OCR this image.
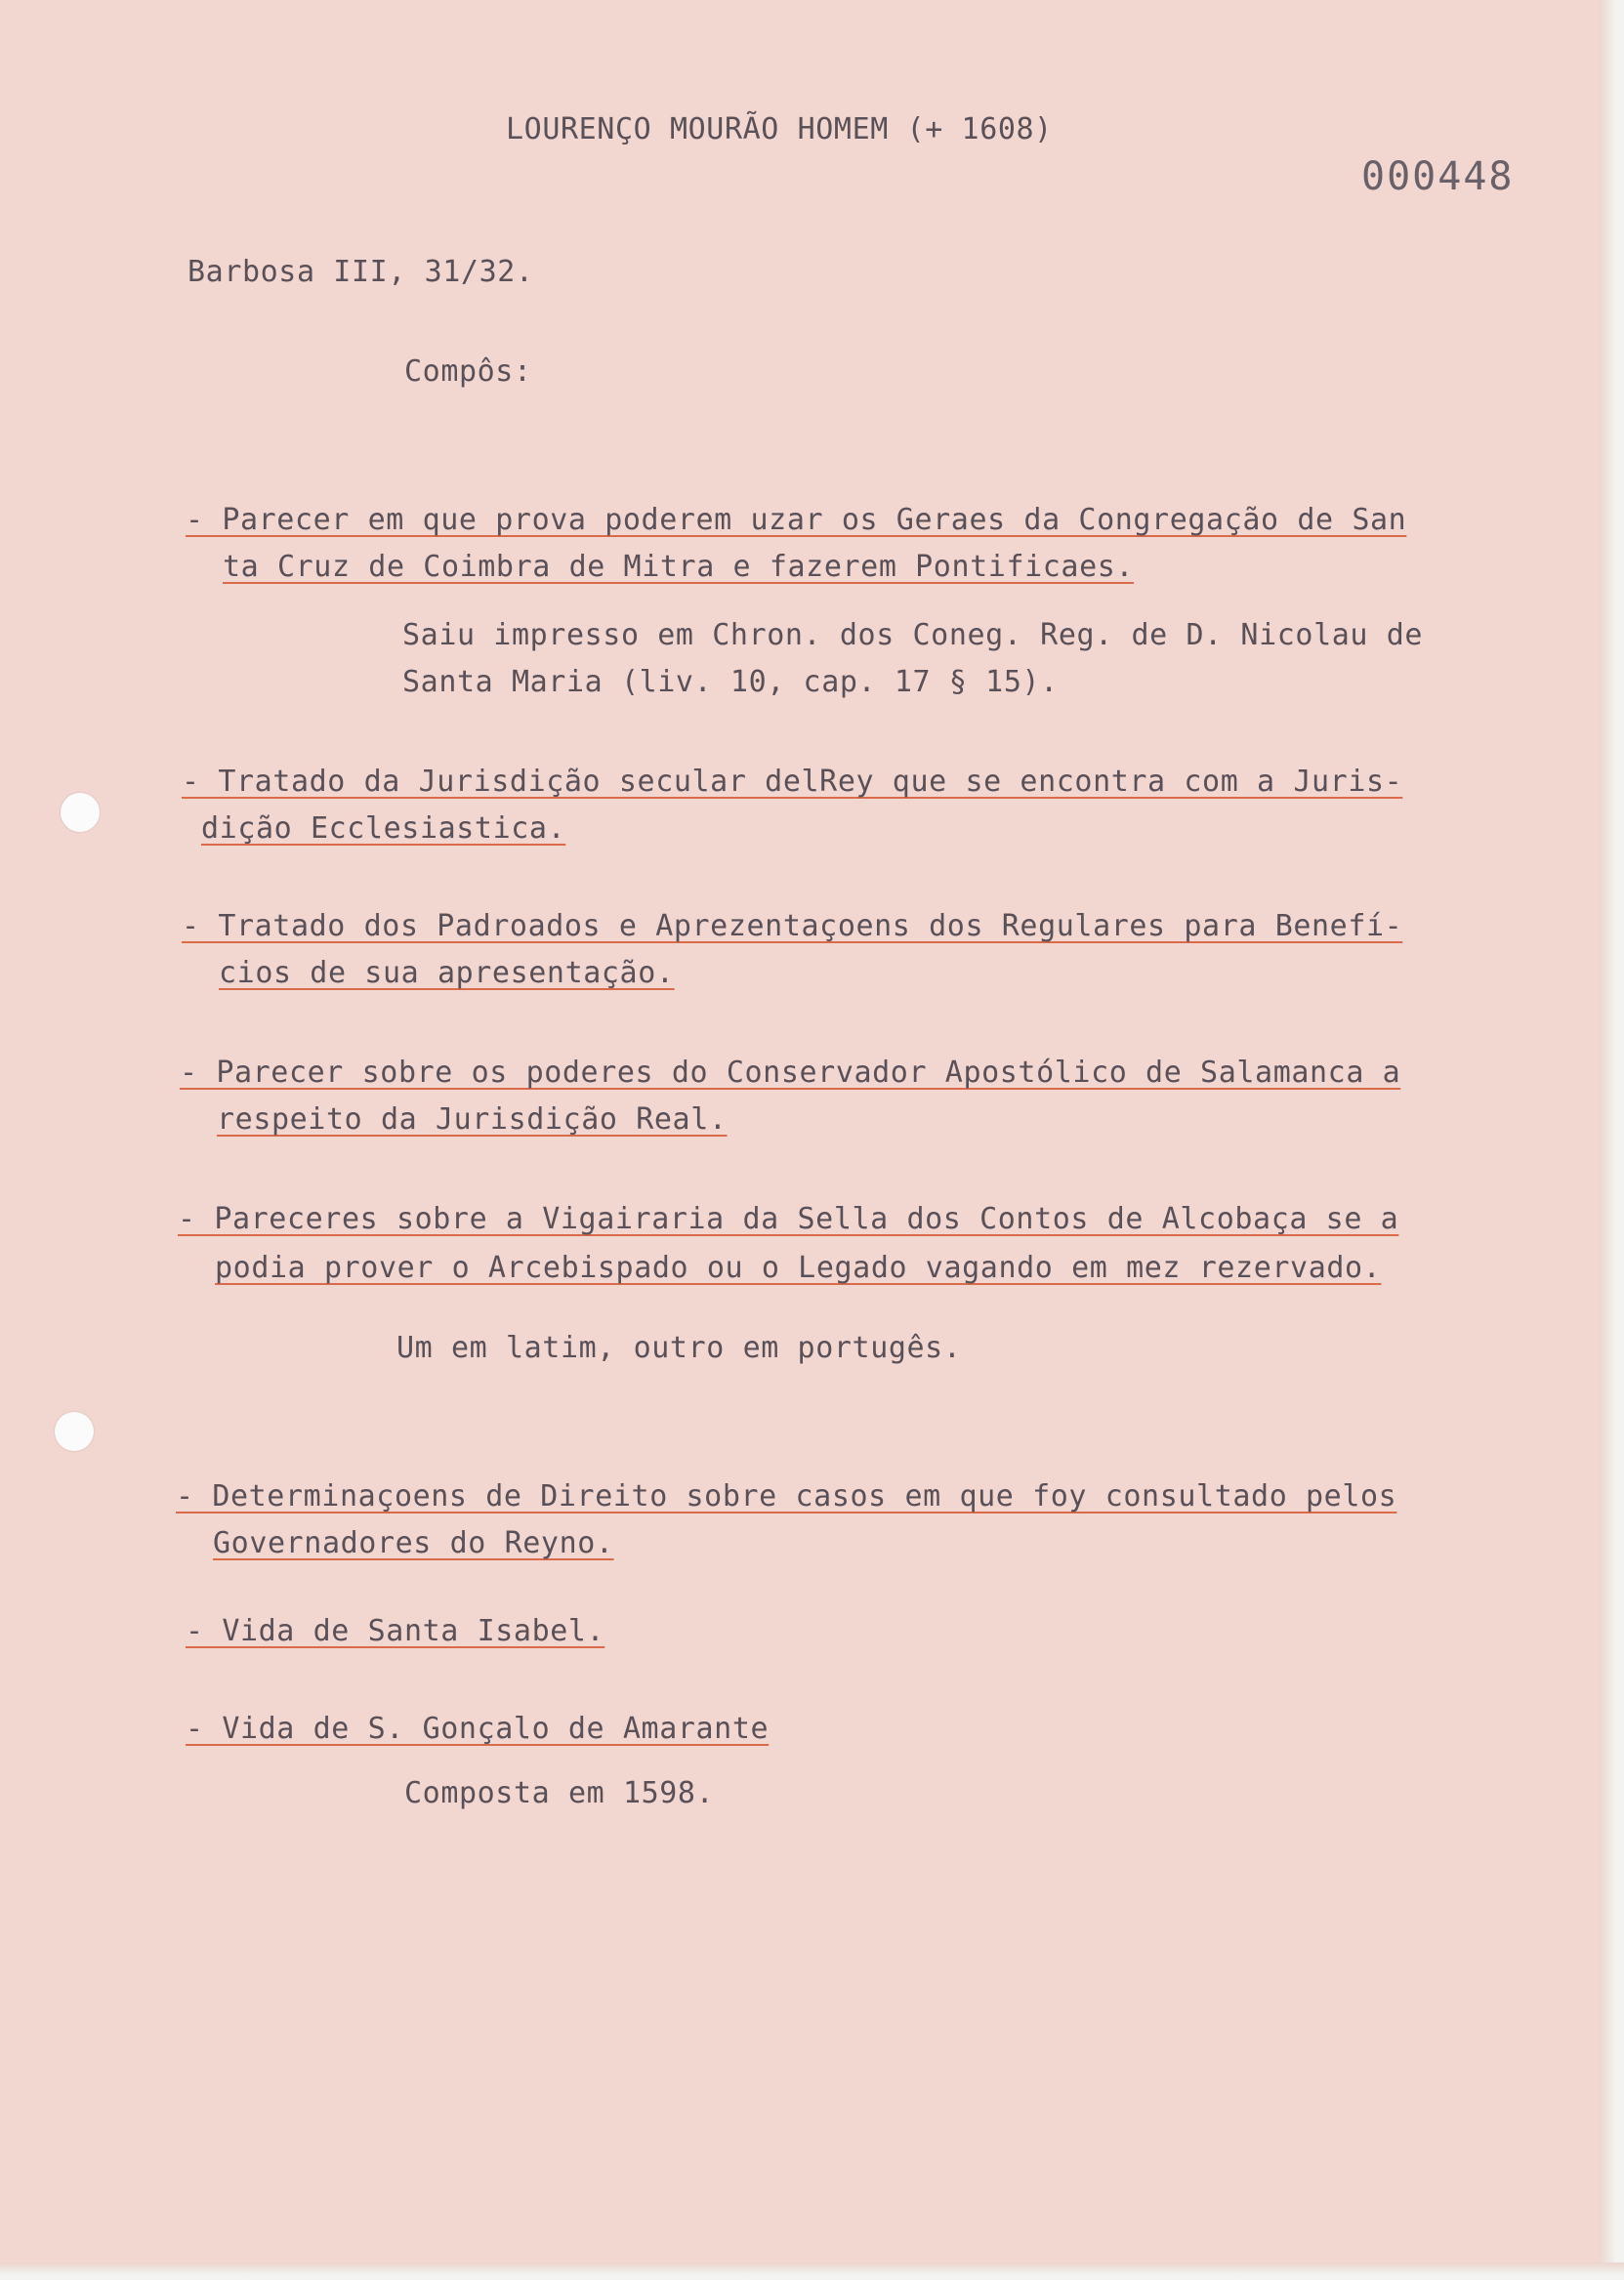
LOURENÇO MOURÃO HOMEM (+ 1608)
000448
Barbosa III, 31/32.
Compôs:
- Parecer em que prova poderem uzar os Geraes da Congregação de San
ta Cruz de Coimbra de Mitra e fazerem Pontificaes.
Saiu impresso em Chron. dos Coneg. Reg. de D. Nicolau de
Santa Maria (liv. 10, cap. 17 § 15).
- Tratado da Jurisdição secular delRey que se encontra com a Juris-
dição Ecclesiastica.
- Tratado dos Padroados e Aprezentaçoens dos Regulares para Benefí-
cios de sua apresentação.
- Parecer sobre os poderes do Conservador Apostólico de Salamanca a
respeito da Jurisdição Real.
- Pareceres sobre a Vigairaria da Sella dos Contos de Alcobaça se a
podia prover o Arcebispado ou o Legado vagando em mez rezervado.
Um em latim, outro em portugês.
- Determinaçoens de Direito sobre casos em que foy consultado pelos
Governadores do Reyno.
- Vida de Santa Isabel.
- Vida de S. Gonçalo de Amarante
Composta em 1598.
